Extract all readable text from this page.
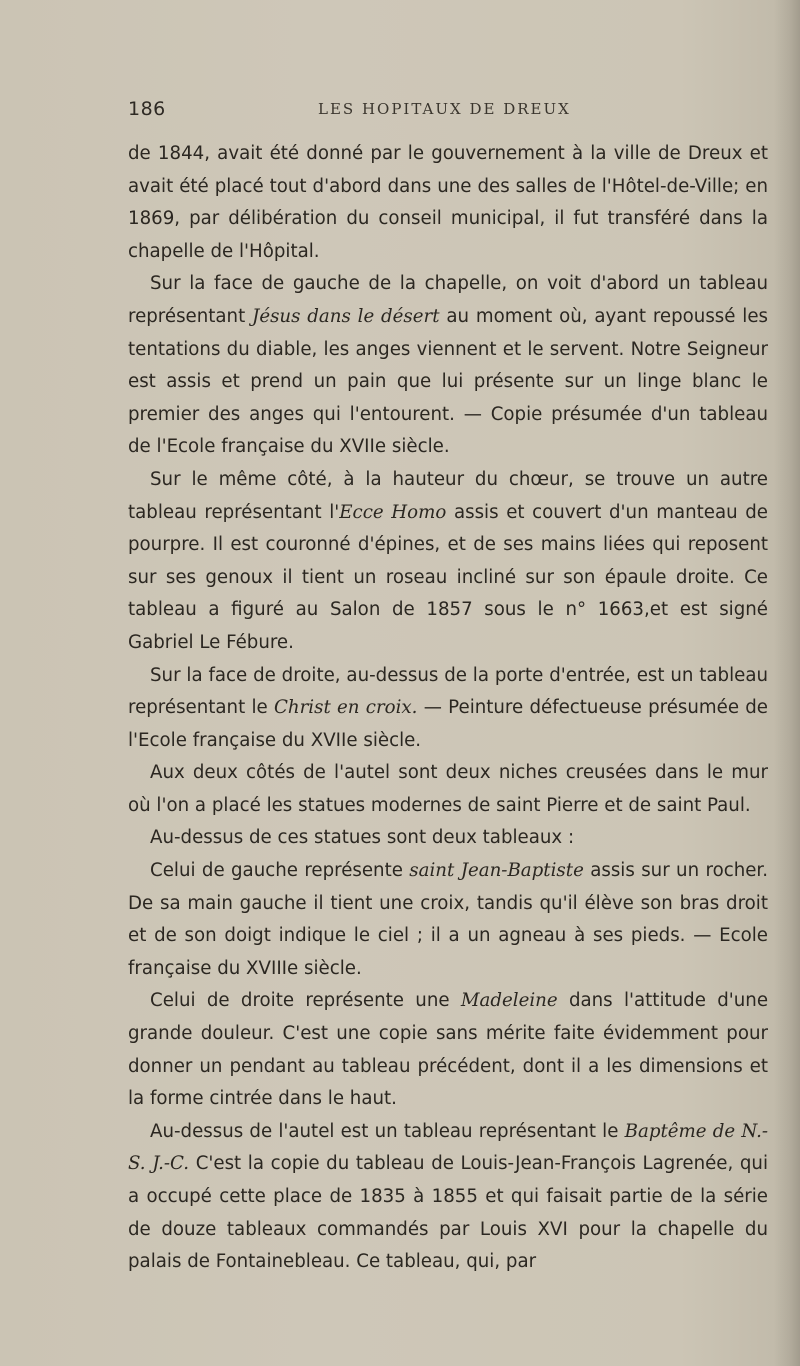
186	LES HOPITAUX DE DREUX

de 1844, avait été donné par le gouvernement à la ville de Dreux et avait été placé tout d'abord dans une des salles de l'Hôtel-de-Ville; en 1869, par délibération du conseil municipal, il fut transféré dans la chapelle de l'Hôpital.

Sur la face de gauche de la chapelle, on voit d'abord un tableau représentant Jésus dans le désert au moment où, ayant repoussé les tentations du diable, les anges viennent et le servent. Notre Seigneur est assis et prend un pain que lui présente sur un linge blanc le premier des anges qui l'entourent. — Copie présumée d'un tableau de l'Ecole française du XVIIe siècle.

Sur le même côté, à la hauteur du chœur, se trouve un autre tableau représentant l'Ecce Homo assis et couvert d'un manteau de pourpre. Il est couronné d'épines, et de ses mains liées qui reposent sur ses genoux il tient un roseau incliné sur son épaule droite. Ce tableau a figuré au Salon de 1857 sous le n° 1663,et est signé Gabriel Le Fébure.

Sur la face de droite, au-dessus de la porte d'entrée, est un tableau représentant le Christ en croix. — Peinture défectueuse présumée de l'Ecole française du XVIIe siècle.

Aux deux côtés de l'autel sont deux niches creusées dans le mur où l'on a placé les statues modernes de saint Pierre et de saint Paul.

Au-dessus de ces statues sont deux tableaux :

Celui de gauche représente saint Jean-Baptiste assis sur un rocher. De sa main gauche il tient une croix, tandis qu'il élève son bras droit et de son doigt indique le ciel ; il a un agneau à ses pieds. — Ecole française du XVIIIe siècle.

Celui de droite représente une Madeleine dans l'attitude d'une grande douleur. C'est une copie sans mérite faite évidemment pour donner un pendant au tableau précédent, dont il a les dimensions et la forme cintrée dans le haut.

Au-dessus de l'autel est un tableau représentant le Baptême de N.-S. J.-C. C'est la copie du tableau de Louis-Jean-François Lagrenée, qui a occupé cette place de 1835 à 1855 et qui faisait partie de la série de douze tableaux commandés par Louis XVI pour la chapelle du palais de Fontainebleau. Ce tableau, qui, par
